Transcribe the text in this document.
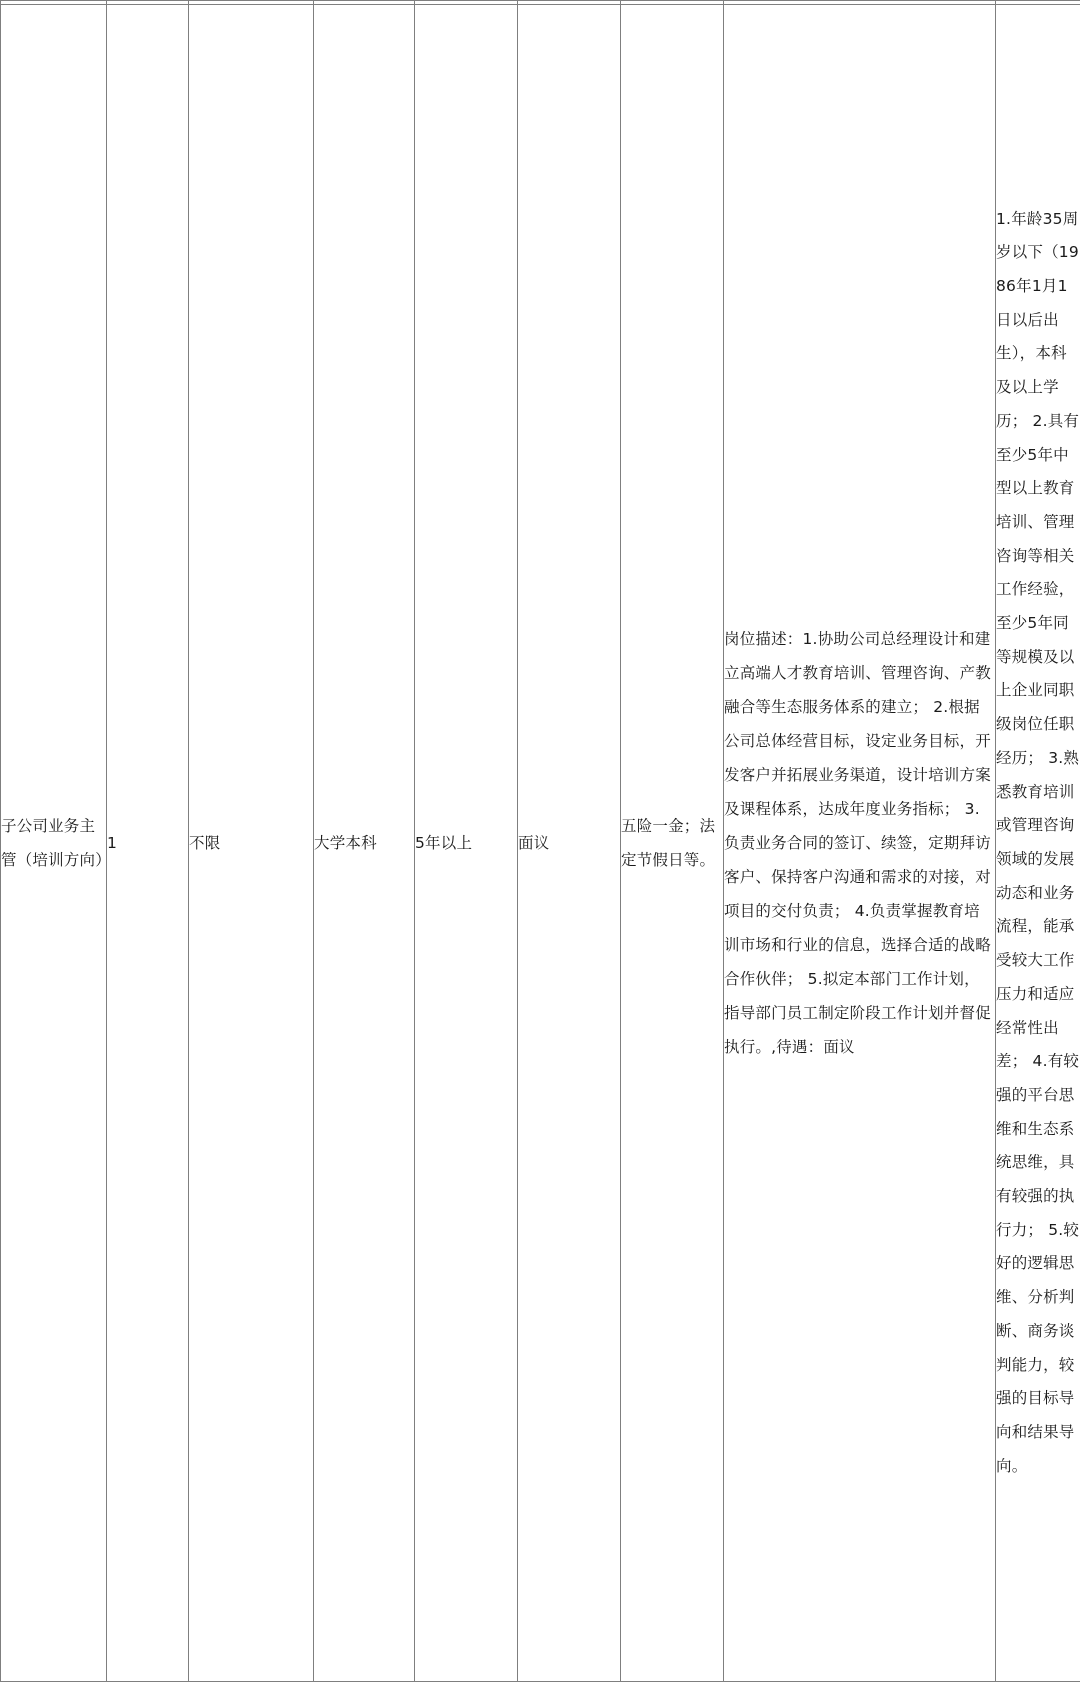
子公司业务主管（培训方向）	1	不限	大学本科	5年以上	面议	五险一金；法定节假日等。	岗位描述：1.协助公司总经理设计和建立高端人才教育培训、管理咨询、产教融合等生态服务体系的建立； 2.根据公司总体经营目标，设定业务目标，开发客户并拓展业务渠道，设计培训方案及课程体系，达成年度业务指标； 3.负责业务合同的签订、续签，定期拜访客户、保持客户沟通和需求的对接，对项目的交付负责； 4.负责掌握教育培训市场和行业的信息，选择合适的战略合作伙伴； 5.拟定本部门工作计划，指导部门员工制定阶段工作计划并督促执行。,待遇：面议	1.年龄35周岁以下（1986年1月1日以后出生），本科及以上学历； 2.具有至少5年中型以上教育培训、管理咨询等相关工作经验，至少5年同等规模及以上企业同职级岗位任职经历； 3.熟悉教育培训或管理咨询领域的发展动态和业务流程，能承受较大工作压力和适应经常性出差； 4.有较强的平台思维和生态系统思维，具有较强的执行力； 5.较好的逻辑思维、分析判断、商务谈判能力，较强的目标导向和结果导向。
